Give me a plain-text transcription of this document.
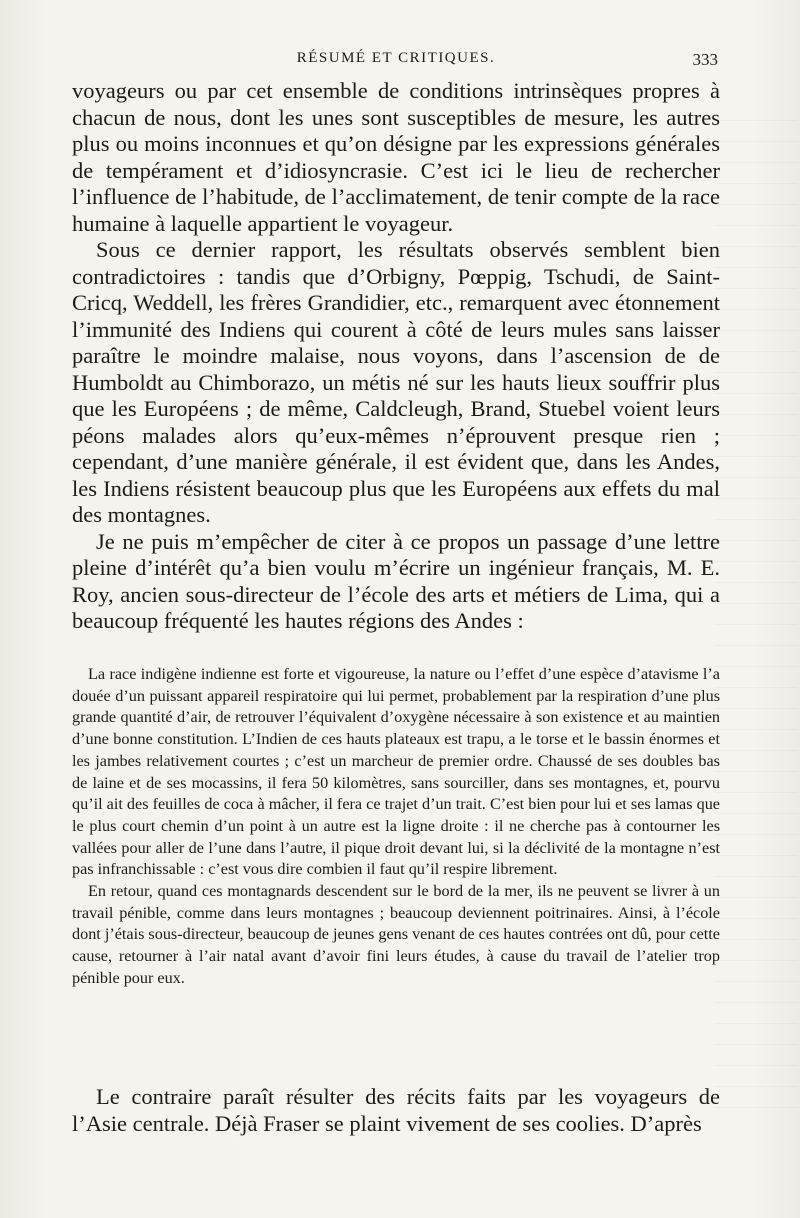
RÉSUMÉ ET CRITIQUES.	333

voyageurs ou par cet ensemble de conditions intrinsèques propres à chacun de nous, dont les unes sont susceptibles de mesure, les autres plus ou moins inconnues et qu’on désigne par les expressions générales de tempérament et d’idiosyncrasie. C’est ici le lieu de rechercher l’influence de l’habitude, de l’acclimatement, de tenir compte de la race humaine à laquelle appartient le voyageur.

Sous ce dernier rapport, les résultats observés semblent bien contradictoires : tandis que d’Orbigny, Pœppig, Tschudi, de Saint-Cricq, Weddell, les frères Grandidier, etc., remarquent avec étonnement l’immunité des Indiens qui courent à côté de leurs mules sans laisser paraître le moindre malaise, nous voyons, dans l’ascension de de Humboldt au Chimborazo, un métis né sur les hauts lieux souffrir plus que les Européens ; de même, Caldcleugh, Brand, Stuebel voient leurs péons malades alors qu’eux-mêmes n’éprouvent presque rien ; cependant, d’une manière générale, il est évident que, dans les Andes, les Indiens résistent beaucoup plus que les Européens aux effets du mal des montagnes.

Je ne puis m’empêcher de citer à ce propos un passage d’une lettre pleine d’intérêt qu’a bien voulu m’écrire un ingénieur français, M. E. Roy, ancien sous-directeur de l’école des arts et métiers de Lima, qui a beaucoup fréquenté les hautes régions des Andes :

La race indigène indienne est forte et vigoureuse, la nature ou l’effet d’une espèce d’atavisme l’a douée d’un puissant appareil respiratoire qui lui permet, probablement par la respiration d’une plus grande quantité d’air, de retrouver l’équivalent d’oxygène nécessaire à son existence et au maintien d’une bonne constitution. L’Indien de ces hauts plateaux est trapu, a le torse et le bassin énormes et les jambes relativement courtes ; c’est un marcheur de premier ordre. Chaussé de ses doubles bas de laine et de ses mocassins, il fera 50 kilomètres, sans sourciller, dans ses montagnes, et, pourvu qu’il ait des feuilles de coca à mâcher, il fera ce trajet d’un trait. C’est bien pour lui et ses lamas que le plus court chemin d’un point à un autre est la ligne droite : il ne cherche pas à contourner les vallées pour aller de l’une dans l’autre, il pique droit devant lui, si la déclivité de la montagne n’est pas infranchissable : c’est vous dire combien il faut qu’il respire librement.

En retour, quand ces montagnards descendent sur le bord de la mer, ils ne peuvent se livrer à un travail pénible, comme dans leurs montagnes ; beaucoup deviennent poitrinaires. Ainsi, à l’école dont j’étais sous-directeur, beaucoup de jeunes gens venant de ces hautes contrées ont dû, pour cette cause, retourner à l’air natal avant d’avoir fini leurs études, à cause du travail de l’atelier trop pénible pour eux.

Le contraire paraît résulter des récits faits par les voyageurs de l’Asie centrale. Déjà Fraser se plaint vivement de ses coolies. D’après
